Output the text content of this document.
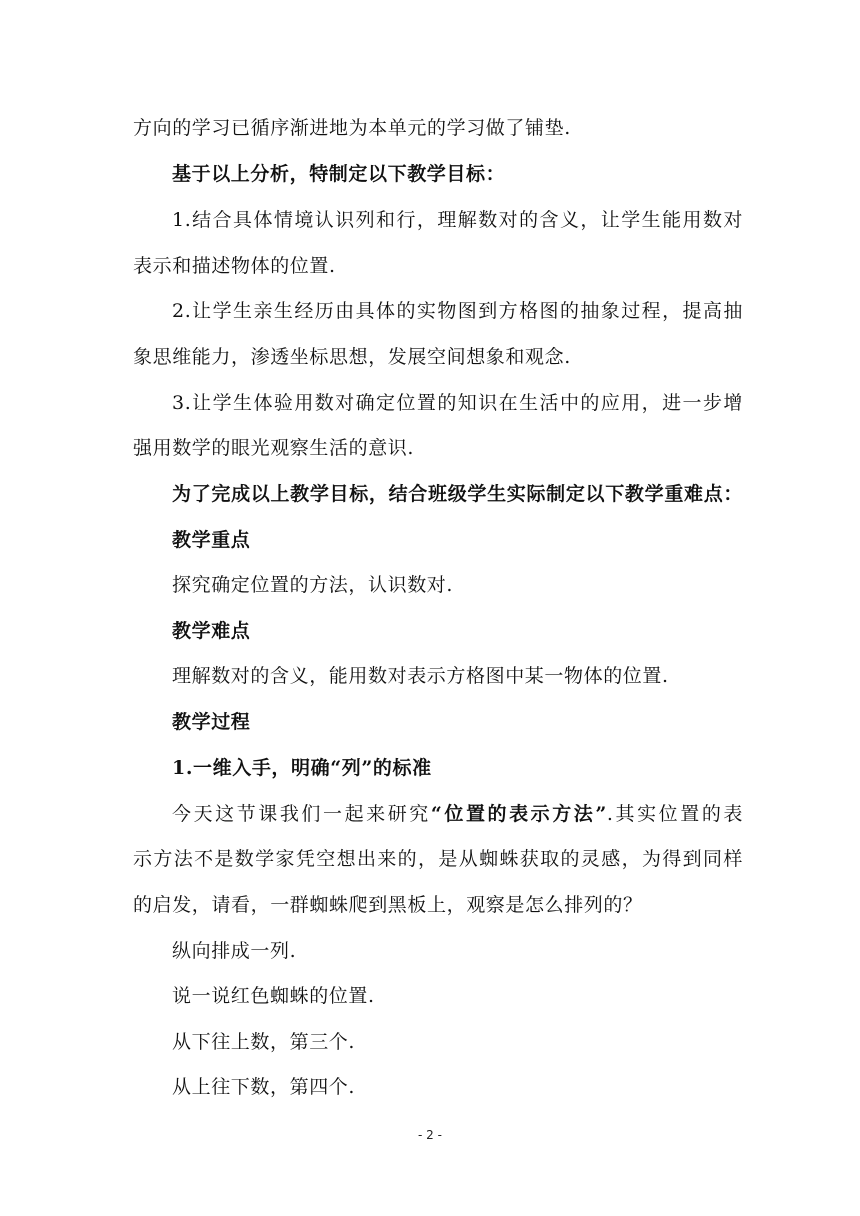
方向的学习已循序渐进地为本单元的学习做了铺垫.
基于以上分析，特制定以下教学目标：
1.结合具体情境认识列和行，理解数对的含义，让学生能用数对
表示和描述物体的位置.
2.让学生亲生经历由具体的实物图到方格图的抽象过程，提高抽
象思维能力，渗透坐标思想，发展空间想象和观念.
3.让学生体验用数对确定位置的知识在生活中的应用，进一步增
强用数学的眼光观察生活的意识.
为了完成以上教学目标，结合班级学生实际制定以下教学重难点：
教学重点
探究确定位置的方法，认识数对.
教学难点
理解数对的含义，能用数对表示方格图中某一物体的位置.
教学过程
1.一维入手，明确“列”的标准
今天这节课我们一起来研究“位置的表示方法”.其实位置的表
示方法不是数学家凭空想出来的，是从蜘蛛获取的灵感，为得到同样
的启发，请看，一群蜘蛛爬到黑板上，观察是怎么排列的？
纵向排成一列.
说一说红色蜘蛛的位置.
从下往上数，第三个.
从上往下数，第四个.
- 2 -
